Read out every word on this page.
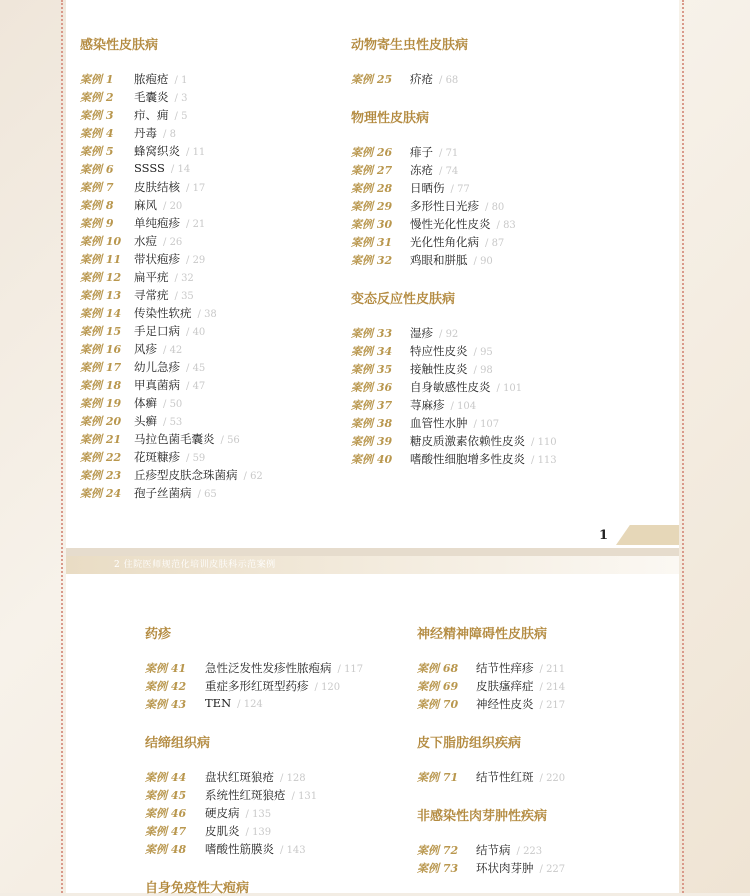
2 住院医师规范化培训皮肤科示范案例
1
感染性皮肤病
案例 1 脓疱疮 / 1
案例 2 毛囊炎 / 3
案例 3 疖、痈 / 5
案例 4 丹毒 / 8
案例 5 蜂窝织炎 / 11
案例 6 SSSS / 14
案例 7 皮肤结核 / 17
案例 8 麻风 / 20
案例 9 单纯疱疹 / 21
案例 10 水痘 / 26
案例 11 带状疱疹 / 29
案例 12 扁平疣 / 32
案例 13 寻常疣 / 35
案例 14 传染性软疣 / 38
案例 15 手足口病 / 40
案例 16 风疹 / 42
案例 17 幼儿急疹 / 45
案例 18 甲真菌病 / 47
案例 19 体癣 / 50
案例 20 头癣 / 53
案例 21 马拉色菌毛囊炎 / 56
案例 22 花斑糠疹 / 59
案例 23 丘疹型皮肤念珠菌病 / 62
案例 24 孢子丝菌病 / 65
动物寄生虫性皮肤病
案例 25 疥疮 / 68
物理性皮肤病
案例 26 痱子 / 71
案例 27 冻疮 / 74
案例 28 日晒伤 / 77
案例 29 多形性日光疹 / 80
案例 30 慢性光化性皮炎 / 83
案例 31 光化性角化病 / 87
案例 32 鸡眼和胼胝 / 90
变态反应性皮肤病
案例 33 湿疹 / 92
案例 34 特应性皮炎 / 95
案例 35 接触性皮炎 / 98
案例 36 自身敏感性皮炎 / 101
案例 37 荨麻疹 / 104
案例 38 血管性水肿 / 107
案例 39 糖皮质激素依赖性皮炎 / 110
案例 40 嗜酸性细胞增多性皮炎 / 113
药疹
案例 41 急性泛发性发疹性脓疱病 / 117
案例 42 重症多形红斑型药疹 / 120
案例 43 TEN / 124
结缔组织病
案例 44 盘状红斑狼疮 / 128
案例 45 系统性红斑狼疮 / 131
案例 46 硬皮病 / 135
案例 47 皮肌炎 / 139
案例 48 嗜酸性筋膜炎 / 143
自身免疫性大疱病
神经精神障碍性皮肤病
案例 68 结节性痒疹 / 211
案例 69 皮肤瘙痒症 / 214
案例 70 神经性皮炎 / 217
皮下脂肪组织疾病
案例 71 结节性红斑 / 220
非感染性肉芽肿性疾病
案例 72 结节病 / 223
案例 73 环状肉芽肿 / 227
